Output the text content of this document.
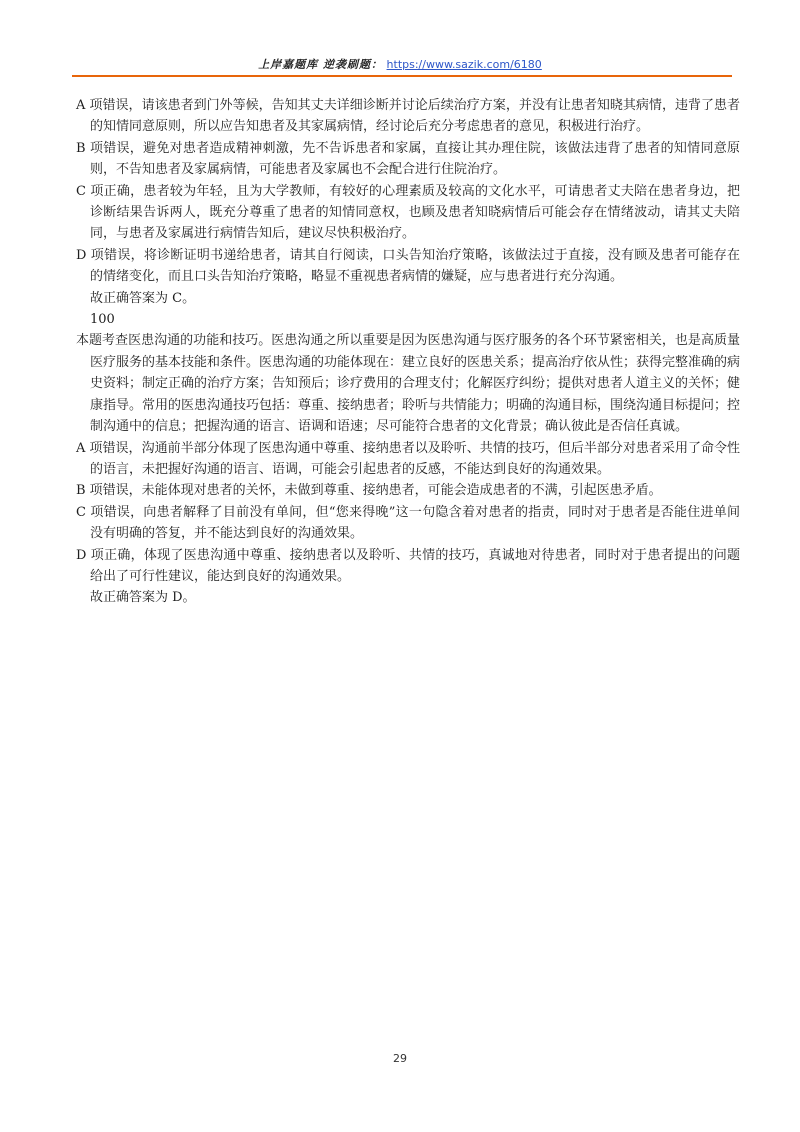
上岸嘉题库 逆袭刷题： https://www.sazik.com/6180

A 项错误，请该患者到门外等候，告知其丈夫详细诊断并讨论后续治疗方案，并没有让患者知晓其病情，违背了患者的知情同意原则，所以应告知患者及其家属病情，经讨论后充分考虑患者的意见，积极进行治疗。

B 项错误，避免对患者造成精神刺激，先不告诉患者和家属，直接让其办理住院，该做法违背了患者的知情同意原则，不告知患者及家属病情，可能患者及家属也不会配合进行住院治疗。

C 项正确，患者较为年轻，且为大学教师，有较好的心理素质及较高的文化水平，可请患者丈夫陪在患者身边，把诊断结果告诉两人，既充分尊重了患者的知情同意权，也顾及患者知晓病情后可能会存在情绪波动，请其丈夫陪同，与患者及家属进行病情告知后，建议尽快积极治疗。

D 项错误，将诊断证明书递给患者，请其自行阅读，口头告知治疗策略，该做法过于直接，没有顾及患者可能存在的情绪变化，而且口头告知治疗策略，略显不重视患者病情的嫌疑，应与患者进行充分沟通。

故正确答案为 C。

100

本题考查医患沟通的功能和技巧。医患沟通之所以重要是因为医患沟通与医疗服务的各个环节紧密相关，也是高质量医疗服务的基本技能和条件。医患沟通的功能体现在：建立良好的医患关系；提高治疗依从性；获得完整准确的病史资料；制定正确的治疗方案；告知预后；诊疗费用的合理支付；化解医疗纠纷；提供对患者人道主义的关怀；健康指导。常用的医患沟通技巧包括：尊重、接纳患者；聆听与共情能力；明确的沟通目标，围绕沟通目标提问；控制沟通中的信息；把握沟通的语言、语调和语速；尽可能符合患者的文化背景；确认彼此是否信任真诚。

A 项错误，沟通前半部分体现了医患沟通中尊重、接纳患者以及聆听、共情的技巧，但后半部分对患者采用了命令性的语言，未把握好沟通的语言、语调，可能会引起患者的反感，不能达到良好的沟通效果。

B 项错误，未能体现对患者的关怀，未做到尊重、接纳患者，可能会造成患者的不满，引起医患矛盾。

C 项错误，向患者解释了目前没有单间，但“您来得晚”这一句隐含着对患者的指责，同时对于患者是否能住进单间没有明确的答复，并不能达到良好的沟通效果。

D 项正确，体现了医患沟通中尊重、接纳患者以及聆听、共情的技巧，真诚地对待患者，同时对于患者提出的问题给出了可行性建议，能达到良好的沟通效果。

故正确答案为 D。

29
